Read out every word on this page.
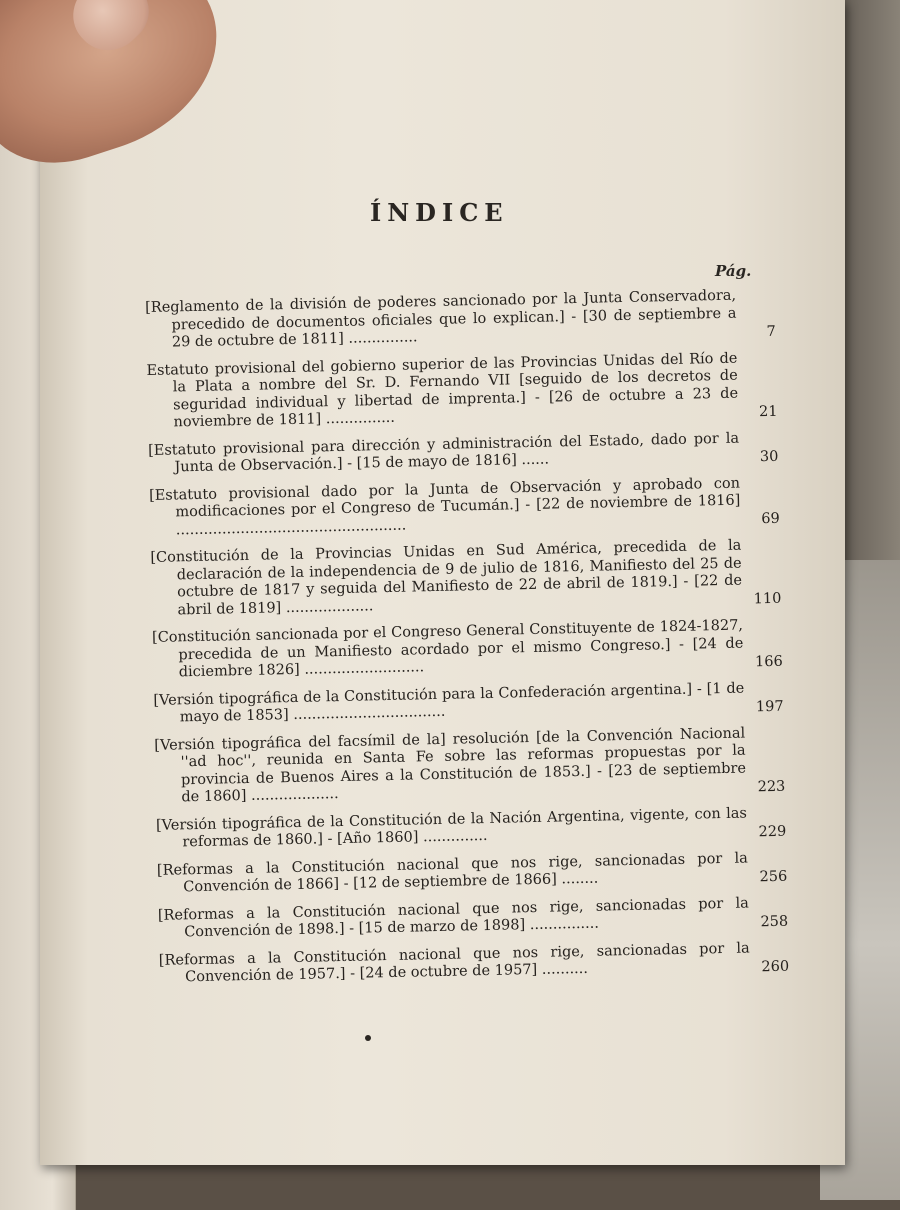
ÍNDICE
Pág.
[Reglamento de la división de poderes sancionado por la Junta Conservadora, precedido de documentos oficiales que lo explican.] - [30 de septiembre a 29 de octubre de 1811] ...............	7
Estatuto provisional del gobierno superior de las Provincias Unidas del Río de la Plata a nombre del Sr. D. Fernando VII [seguido de los decretos de seguridad individual y libertad de imprenta.] - [26 de octubre a 23 de noviembre de 1811] ...............	21
[Estatuto provisional para dirección y administración del Estado, dado por la Junta de Observación.] - [15 de mayo de 1816] ......	30
[Estatuto provisional dado por la Junta de Observación y aprobado con modificaciones por el Congreso de Tucumán.] - [22 de noviembre de 1816] ..................................................	69
[Constitución de la Provincias Unidas en Sud América, precedida de la declaración de la independencia de 9 de julio de 1816, Manifiesto del 25 de octubre de 1817 y seguida del Manifiesto de 22 de abril de 1819.] - [22 de abril de 1819] ...................	110
[Constitución sancionada por el Congreso General Constituyente de 1824-1827, precedida de un Manifiesto acordado por el mismo Congreso.] - [24 de diciembre 1826] ..........................	166
[Versión tipográfica de la Constitución para la Confederación argentina.] - [1 de mayo de 1853] .................................	197
[Versión tipográfica del facsímil de la] resolución [de la Convención Nacional ''ad hoc'', reunida en Santa Fe sobre las reformas propuestas por la provincia de Buenos Aires a la Constitución de 1853.] - [23 de septiembre de 1860] ...................	223
[Versión tipográfica de la Constitución de la Nación Argentina, vigente, con las reformas de 1860.] - [Año 1860] ..............	229
[Reformas a la Constitución nacional que nos rige, sancionadas por la Convención de 1866] - [12 de septiembre de 1866] ........	256
[Reformas a la Constitución nacional que nos rige, sancionadas por la Convención de 1898.] - [15 de marzo de 1898] ...............	258
[Reformas a la Constitución nacional que nos rige, sancionadas por la Convención de 1957.] - [24 de octubre de 1957] ..........	260
